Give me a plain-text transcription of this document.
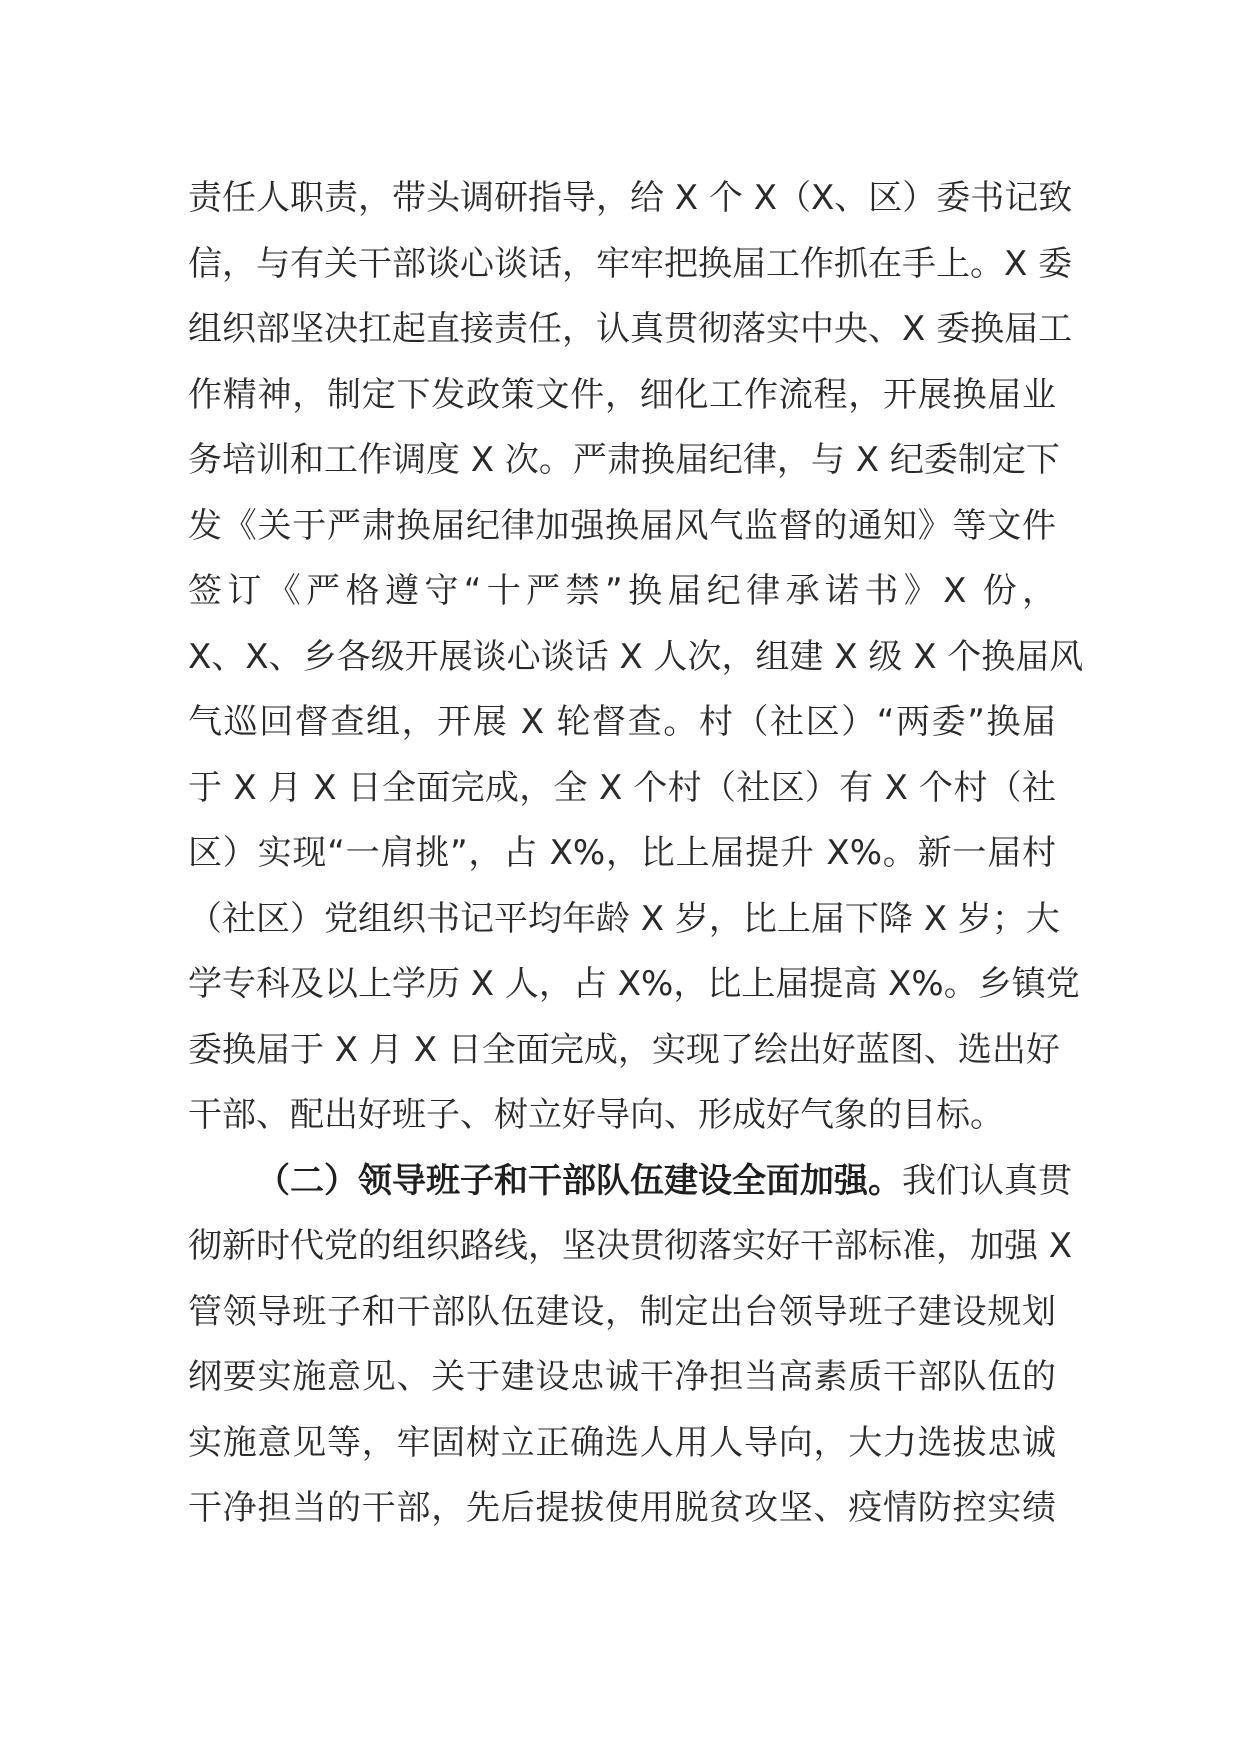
责任人职责，带头调研指导，给 X 个 X（X、区）委书记致
信，与有关干部谈心谈话，牢牢把换届工作抓在手上。X 委
组织部坚决扛起直接责任，认真贯彻落实中央、X 委换届工
作精神，制定下发政策文件，细化工作流程，开展换届业
务培训和工作调度 X 次。严肃换届纪律，与 X 纪委制定下
发《关于严肃换届纪律加强换届风气监督的通知》等文件
签订《严格遵守“十严禁”换届纪律承诺书》X 份，
X、X、乡各级开展谈心谈话 X 人次，组建 X 级 X 个换届风
气巡回督查组，开展 X 轮督查。村（社区）“两委”换届
于 X 月 X 日全面完成，全 X 个村（社区）有 X 个村（社
区）实现“一肩挑”，占 X%，比上届提升 X%。新一届村
（社区）党组织书记平均年龄 X 岁，比上届下降 X 岁；大
学专科及以上学历 X 人，占 X%，比上届提高 X%。乡镇党
委换届于 X 月 X 日全面完成，实现了绘出好蓝图、选出好
干部、配出好班子、树立好导向、形成好气象的目标。
（二）领导班子和干部队伍建设全面加强。我们认真贯
彻新时代党的组织路线，坚决贯彻落实好干部标准，加强 X
管领导班子和干部队伍建设，制定出台领导班子建设规划
纲要实施意见、关于建设忠诚干净担当高素质干部队伍的
实施意见等，牢固树立正确选人用人导向，大力选拔忠诚
干净担当的干部，先后提拔使用脱贫攻坚、疫情防控实绩
